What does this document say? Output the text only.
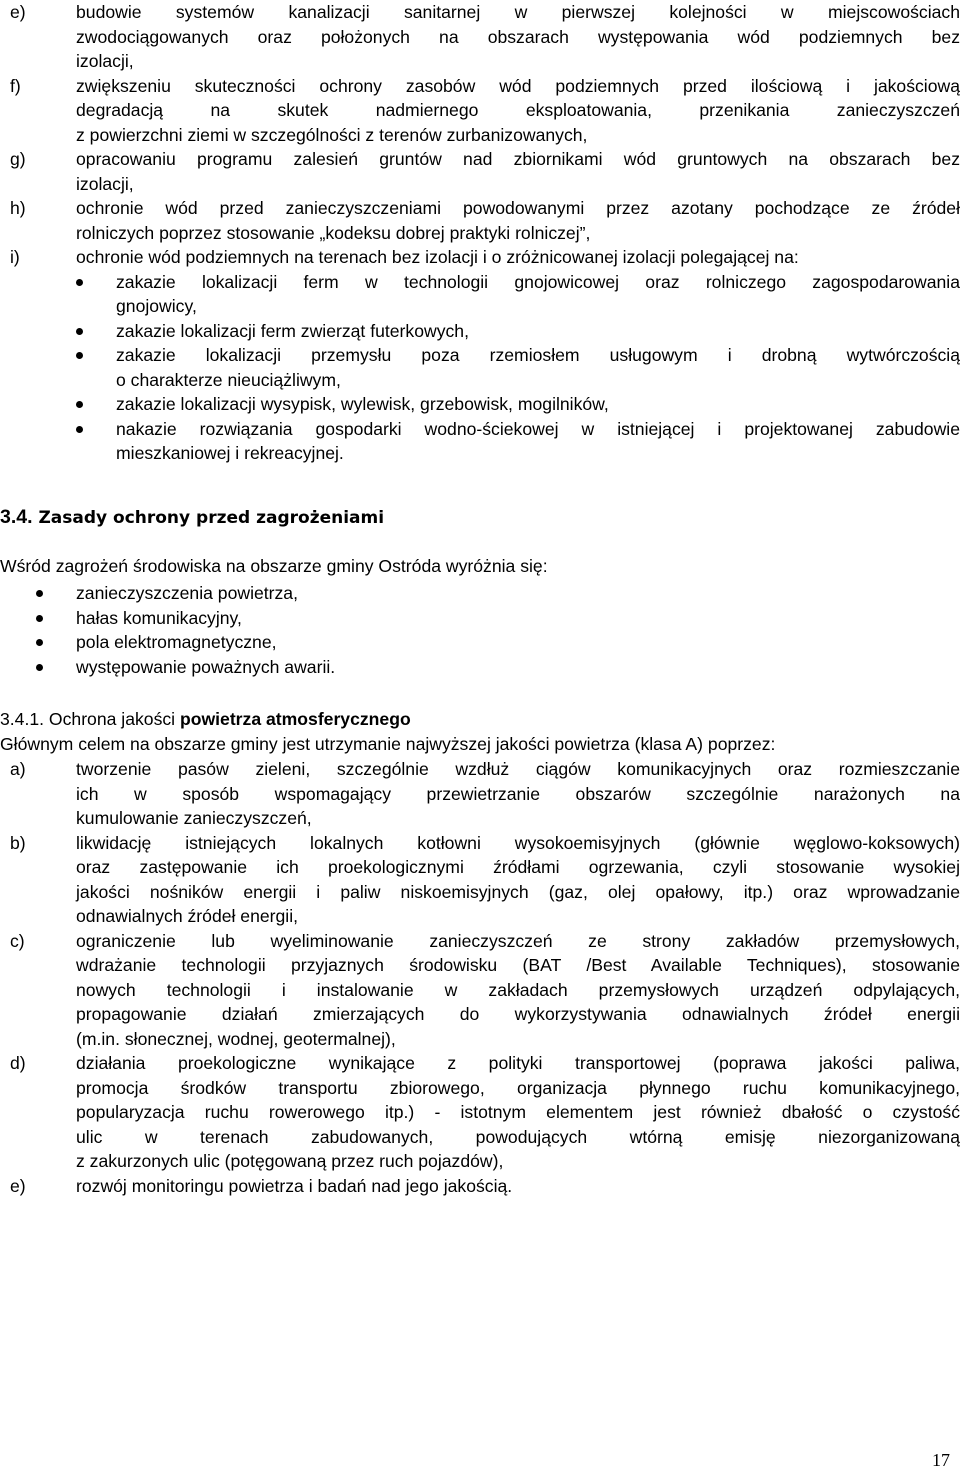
e)	budowie systemów kanalizacji sanitarnej w pierwszej kolejności w miejscowościach
zwodociągowanych oraz położonych na obszarach występowania wód podziemnych bez
izolacji,
f)	zwiększeniu skuteczności ochrony zasobów wód podziemnych przed ilościową i jakościową
degradacją na skutek nadmiernego eksploatowania, przenikania zanieczyszczeń
z powierzchni ziemi w szczególności z terenów zurbanizowanych,
g)	opracowaniu programu zalesień gruntów nad zbiornikami wód gruntowych na obszarach bez
izolacji,
h)	ochronie wód przed zanieczyszczeniami powodowanymi przez azotany pochodzące ze źródeł
rolniczych poprzez stosowanie „kodeksu dobrej praktyki rolniczej”,
i)	ochronie wód podziemnych na terenach bez izolacji i o zróżnicowanej izolacji polegającej na:
zakazie lokalizacji ferm w technologii gnojowicowej oraz rolniczego zagospodarowania
gnojowicy,
zakazie lokalizacji ferm zwierząt futerkowych,
zakazie lokalizacji przemysłu poza rzemiosłem usługowym i drobną wytwórczością
o charakterze nieuciążliwym,
zakazie lokalizacji wysypisk, wylewisk, grzebowisk, mogilników,
nakazie rozwiązania gospodarki wodno-ściekowej w istniejącej i projektowanej zabudowie
mieszkaniowej i rekreacyjnej.
3.4. Zasady ochrony przed zagrożeniami
Wśród zagrożeń środowiska na obszarze gminy Ostróda wyróżnia się:
zanieczyszczenia powietrza,
hałas komunikacyjny,
pola elektromagnetyczne,
występowanie poważnych awarii.
3.4.1. Ochrona jakości powietrza atmosferycznego
Głównym celem na obszarze gminy jest utrzymanie najwyższej jakości powietrza (klasa A) poprzez:
a)	tworzenie pasów zieleni, szczególnie wzdłuż ciągów komunikacyjnych oraz rozmieszczanie
ich w sposób wspomagający przewietrzanie obszarów szczególnie narażonych na
kumulowanie zanieczyszczeń,
b)	likwidację istniejących lokalnych kotłowni wysokoemisyjnych (głównie węglowo-koksowych)
oraz zastępowanie ich proekologicznymi źródłami ogrzewania, czyli stosowanie wysokiej
jakości nośników energii i paliw niskoemisyjnych (gaz, olej opałowy, itp.) oraz wprowadzanie
odnawialnych źródeł energii,
c)	ograniczenie lub wyeliminowanie zanieczyszczeń ze strony zakładów przemysłowych,
wdrażanie technologii przyjaznych środowisku (BAT /Best Available Techniques), stosowanie
nowych technologii i instalowanie w zakładach przemysłowych urządzeń odpylających,
propagowanie działań zmierzających do wykorzystywania odnawialnych źródeł energii
(m.in. słonecznej, wodnej, geotermalnej),
d)	działania proekologiczne wynikające z polityki transportowej (poprawa jakości paliwa,
promocja środków transportu zbiorowego, organizacja płynnego ruchu komunikacyjnego,
popularyzacja ruchu rowerowego itp.) - istotnym elementem jest również dbałość o czystość
ulic w terenach zabudowanych, powodujących wtórną emisję niezorganizowaną
z zakurzonych ulic (potęgowaną przez ruch pojazdów),
e)	rozwój monitoringu powietrza i badań nad jego jakością.
17
